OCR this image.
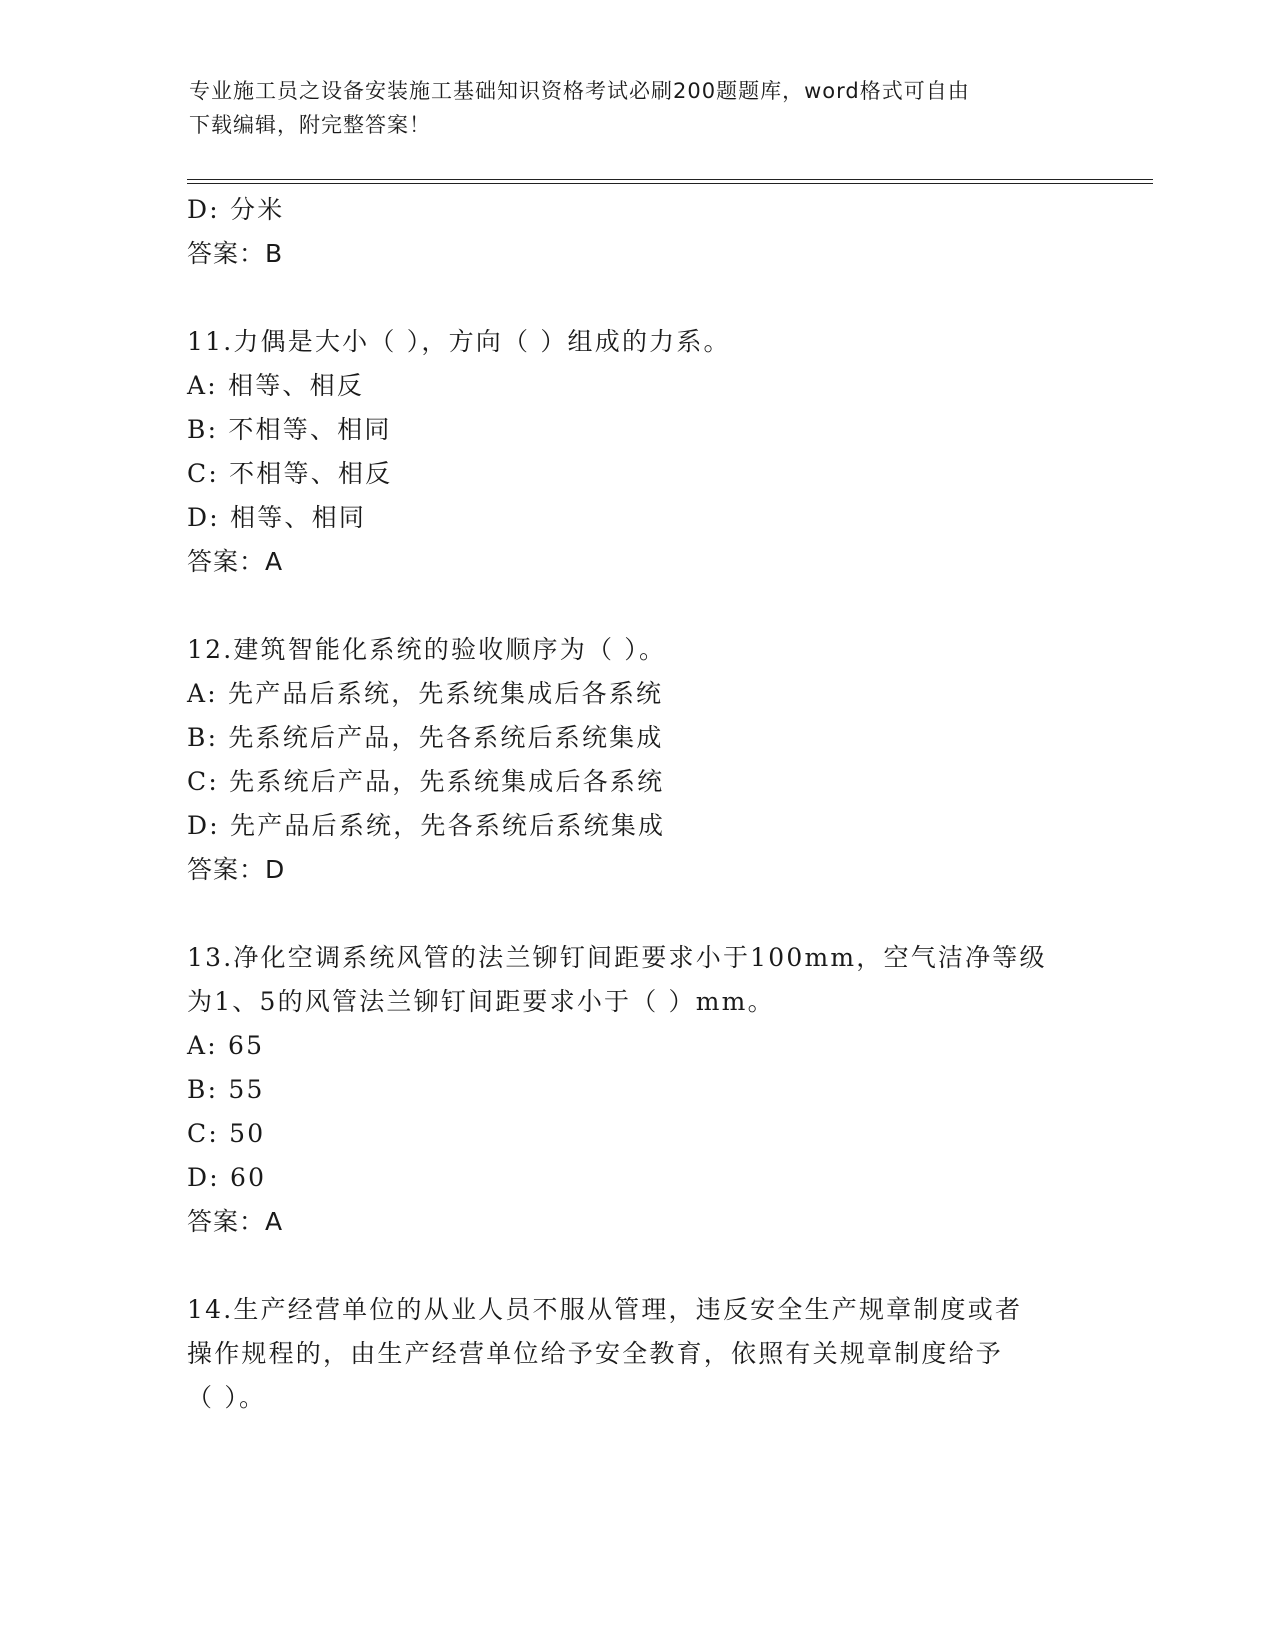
专业施工员之设备安装施工基础知识资格考试必刷200题题库，word格式可自由
下载编辑，附完整答案！
D: 分米
答案：B
11.力偶是大小（ ），方向（ ）组成的力系。
A: 相等、相反
B: 不相等、相同
C: 不相等、相反
D: 相等、相同
答案：A
12.建筑智能化系统的验收顺序为（ ）。
A: 先产品后系统，先系统集成后各系统
B: 先系统后产品，先各系统后系统集成
C: 先系统后产品，先系统集成后各系统
D: 先产品后系统，先各系统后系统集成
答案：D
13.净化空调系统风管的法兰铆钉间距要求小于100mm，空气洁净等级
为1、5的风管法兰铆钉间距要求小于（ ）mm。
A: 65
B: 55
C: 50
D: 60
答案：A
14.生产经营单位的从业人员不服从管理，违反安全生产规章制度或者
操作规程的，由生产经营单位给予安全教育，依照有关规章制度给予
（ ）。
